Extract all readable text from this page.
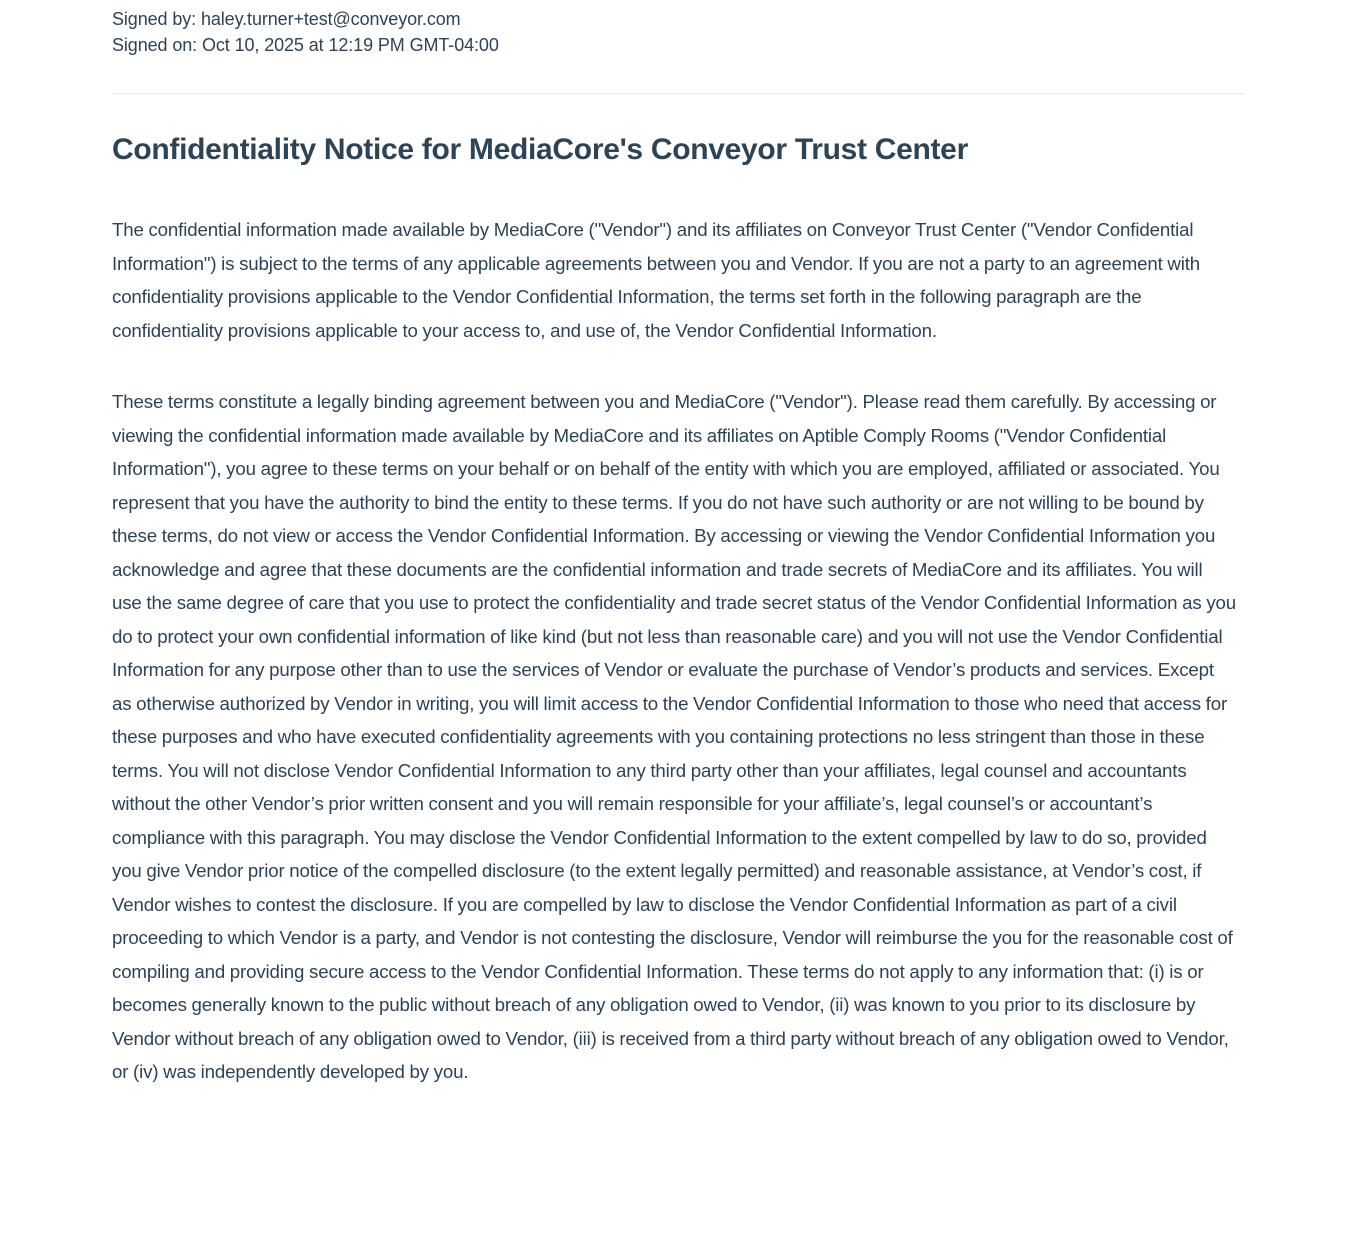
Signed by: haley.turner+test@conveyor.com
Signed on: Oct 10, 2025 at 12:19 PM GMT-04:00
Confidentiality Notice for MediaCore's Conveyor Trust Center

The confidential information made available by MediaCore ("Vendor") and its affiliates on Conveyor Trust Center ("Vendor Confidential Information") is subject to the terms of any applicable agreements between you and Vendor. If you are not a party to an agreement with confidentiality provisions applicable to the Vendor Confidential Information, the terms set forth in the following paragraph are the confidentiality provisions applicable to your access to, and use of, the Vendor Confidential Information.

These terms constitute a legally binding agreement between you and MediaCore ("Vendor"). Please read them carefully. By accessing or viewing the confidential information made available by MediaCore and its affiliates on Aptible Comply Rooms ("Vendor Confidential Information"), you agree to these terms on your behalf or on behalf of the entity with which you are employed, affiliated or associated. You represent that you have the authority to bind the entity to these terms. If you do not have such authority or are not willing to be bound by these terms, do not view or access the Vendor Confidential Information. By accessing or viewing the Vendor Confidential Information you acknowledge and agree that these documents are the confidential information and trade secrets of MediaCore and its affiliates. You will use the same degree of care that you use to protect the confidentiality and trade secret status of the Vendor Confidential Information as you do to protect your own confidential information of like kind (but not less than reasonable care) and you will not use the Vendor Confidential Information for any purpose other than to use the services of Vendor or evaluate the purchase of Vendor’s products and services. Except as otherwise authorized by Vendor in writing, you will limit access to the Vendor Confidential Information to those who need that access for these purposes and who have executed confidentiality agreements with you containing protections no less stringent than those in these terms. You will not disclose Vendor Confidential Information to any third party other than your affiliates, legal counsel and accountants without the other Vendor’s prior written consent and you will remain responsible for your affiliate’s, legal counsel’s or accountant’s compliance with this paragraph. You may disclose the Vendor Confidential Information to the extent compelled by law to do so, provided you give Vendor prior notice of the compelled disclosure (to the extent legally permitted) and reasonable assistance, at Vendor’s cost, if Vendor wishes to contest the disclosure. If you are compelled by law to disclose the Vendor Confidential Information as part of a civil proceeding to which Vendor is a party, and Vendor is not contesting the disclosure, Vendor will reimburse the you for the reasonable cost of compiling and providing secure access to the Vendor Confidential Information. These terms do not apply to any information that: (i) is or becomes generally known to the public without breach of any obligation owed to Vendor, (ii) was known to you prior to its disclosure by Vendor without breach of any obligation owed to Vendor, (iii) is received from a third party without breach of any obligation owed to Vendor, or (iv) was independently developed by you.
